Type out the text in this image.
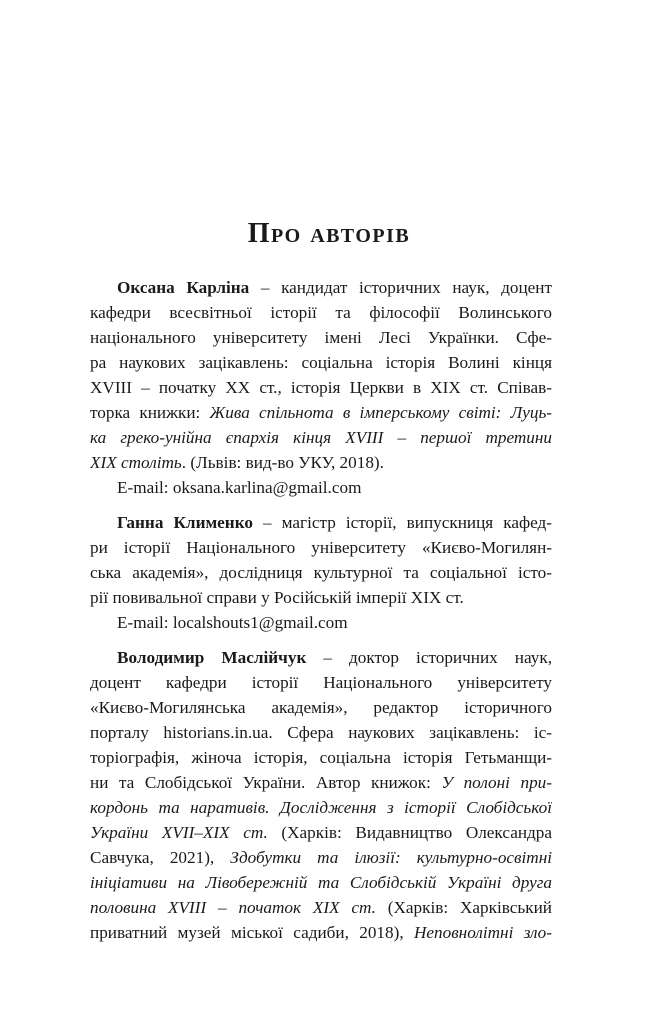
Про авторів
Оксана Карліна – кандидат історичних наук, доцент
кафедри всесвітньої історії та філософії Волинського
національного університету імені Лесі Українки. Сфе-
ра наукових зацікавлень: соціальна історія Волині кінця
XVIII – початку XX ст., історія Церкви в XIX ст. Співав-
торка книжки: Жива спільнота в імперському світі: Луць-
ка греко-унійна єпархія кінця XVIII – першої третини
XIX століть. (Львів: вид-во УКУ, 2018).
E-mail: oksana.karlina@gmail.com
Ганна Клименко – магістр історії, випускниця кафед-
ри історії Національного університету «Києво-Могилян-
ська академія», дослідниця культурної та соціальної істо-
рії повивальної справи у Російській імперії XIX ст.
E-mail: localshouts1@gmail.com
Володимир Маслійчук – доктор історичних наук,
доцент кафедри історії Національного університету
«Києво-Могилянська академія», редактор історичного
порталу historians.in.ua. Сфера наукових зацікавлень: іс-
торіографія, жіноча історія, соціальна історія Гетьманщи-
ни та Слобідської України. Автор книжок: У полоні при-
кордонь та наративів. Дослідження з історії Слобідської
України XVII–XIX ст. (Харків: Видавництво Олександра
Савчука, 2021), Здобутки та ілюзії: культурно-освітні
ініціативи на Лівобережній та Слобідській Україні друга
половина XVIII – початок XIX ст. (Харків: Харківський
приватний музей міської садиби, 2018), Неповнолітні зло-
